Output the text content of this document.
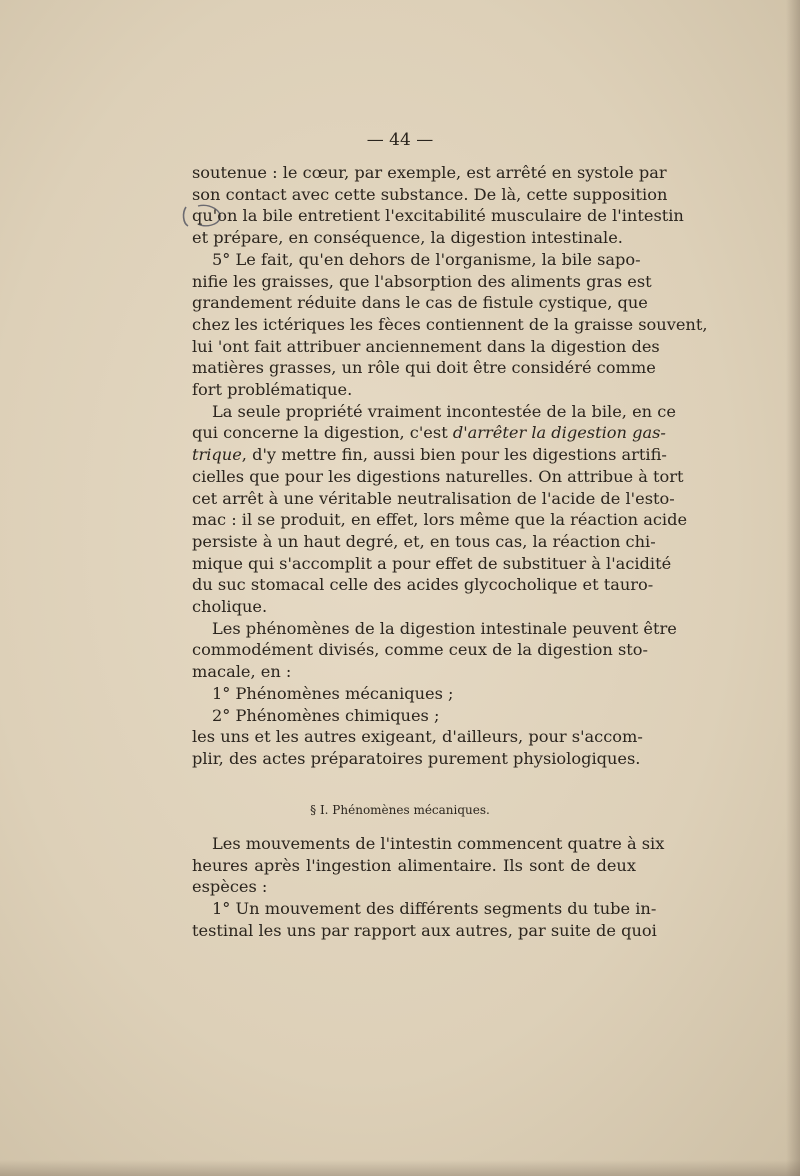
— 44 —
soutenue : le cœur, par exemple, est arrêté en systole par
son contact avec cette substance. De là, cette supposition
qu'on la bile entretient l'excitabilité musculaire de l'intestin
et prépare, en conséquence, la digestion intestinale.
5° Le fait, qu'en dehors de l'organisme, la bile sapo-
nifie les graisses, que l'absorption des aliments gras est
grandement réduite dans le cas de fistule cystique, que
chez les ictériques les fèces contiennent de la graisse souvent,
lui 'ont fait attribuer anciennement dans la digestion des
matières grasses, un rôle qui doit être considéré comme
fort problématique.
La seule propriété vraiment incontestée de la bile, en ce
qui concerne la digestion, c'est d'arrêter la digestion gas-
trique, d'y mettre fin, aussi bien pour les digestions artifi-
cielles que pour les digestions naturelles. On attribue à tort
cet arrêt à une véritable neutralisation de l'acide de l'esto-
mac : il se produit, en effet, lors même que la réaction acide
persiste à un haut degré, et, en tous cas, la réaction chi-
mique qui s'accomplit a pour effet de substituer à l'acidité
du suc stomacal celle des acides glycocholique et tauro-
cholique.
Les phénomènes de la digestion intestinale peuvent être
commodément divisés, comme ceux de la digestion sto-
macale, en :
1° Phénomènes mécaniques ;
2° Phénomènes chimiques ;
les uns et les autres exigeant, d'ailleurs, pour s'accom-
plir, des actes préparatoires purement physiologiques.
§ I. Phénomènes mécaniques.
Les mouvements de l'intestin commencent quatre à six
heures après l'ingestion alimentaire. Ils sont de deux
espèces :
1° Un mouvement des différents segments du tube in-
testinal les uns par rapport aux autres, par suite de quoi
